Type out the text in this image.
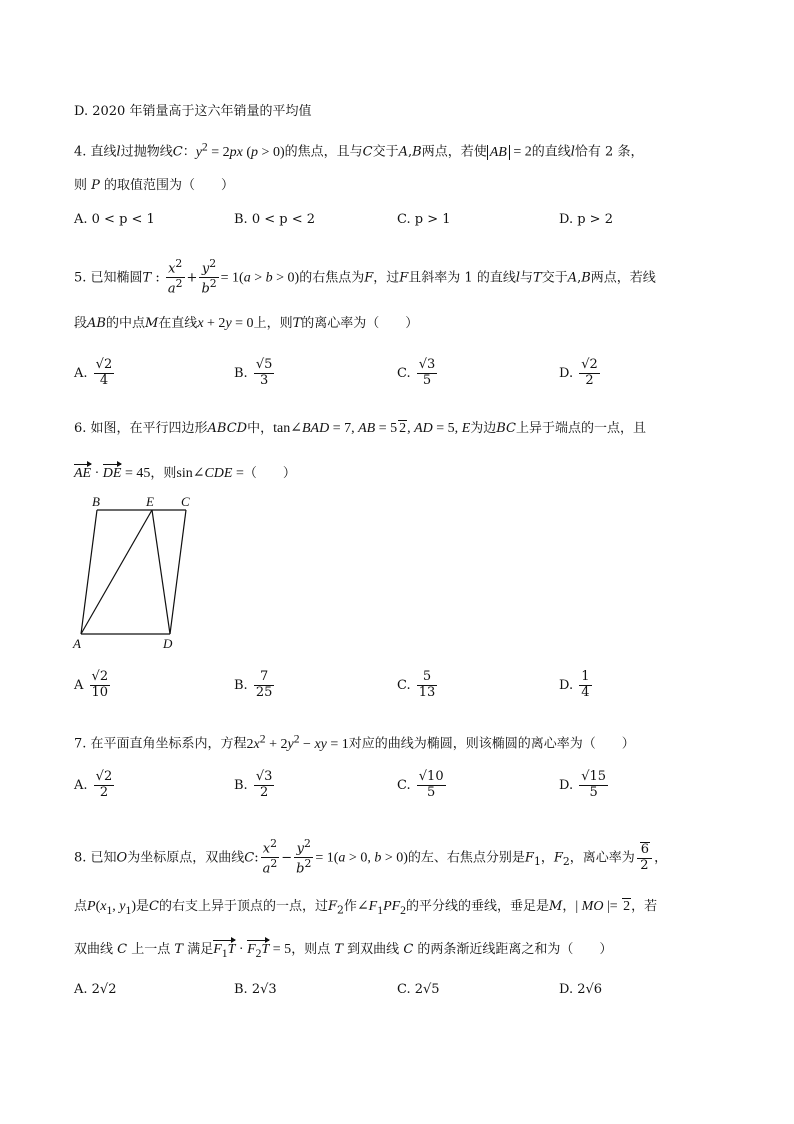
D. 2020 年销量高于这六年销量的平均值
4. 直线l过抛物线C：$y^2 = 2px$ (p > 0)的焦点，且与C交于A,B两点，若使 AB = 2的直线l恰有 2 条，
则 P 的取值范围为（　　）
A. 0 < p < 1	B. 0 < p < 2	C. p > 1	D. p > 2
5. 已知椭圆T : $\frac{x^2}{a^2} + \frac{y^2}{b^2} = 1(a > b > 0)$的右焦点为F，过F且斜率为 1 的直线l与T交于A,B两点，若线
段AB的中点M在直线x + 2y = 0上，则T的离心率为（　　）
A. $\frac{√2}{4}$	B. $\frac{√5}{3}$	C. $\frac{√3}{5}$	D. $\frac{√2}{2}$
6. 如图，在平行四边形ABCD中，tan∠BAD = 7, AB = 5 2, AD = 5, E为边BC上异于端点的一点，且
AE · DE = 45，则sin∠CDE =（　　）
B	E C
A	D
A $\frac{√2}{10}$	B. $\frac{7}{25}$	C. $\frac{5}{13}$	D. $\frac{1}{4}$
7. 在平面直角坐标系内，方程$2x^2 + 2y^2$ − xy = 1对应的曲线为椭圆，则该椭圆的离心率为（　　）
A. $\frac{√2}{2}$	B. $\frac{√3}{2}$	C. $\frac{√10}{5}$	D. $\frac{√15}{5}$
8. 已知O为坐标原点，双曲线C: $\frac{x^2}{a^2} - \frac{y^2}{b^2} = 1(a > 0$, b > 0)的左、右焦点分别是$F_1$，$F_2$，离心率为 $\frac{6}{2}$ ，
点$P(x_1$, $y_1$)是C的右支上异于顶点的一点，过$F_2$作$\angle F_1PF_2$的平分线的垂线，垂足是M，| MO |= 2，若
双曲线 C 上一点 T 满足$F_1T \cdot F_2T = 5$，则点 T 到双曲线 C 的两条渐近线距离之和为（　　）
A. 2√2	B. 2√3	C. 2√5	D. 2√6
